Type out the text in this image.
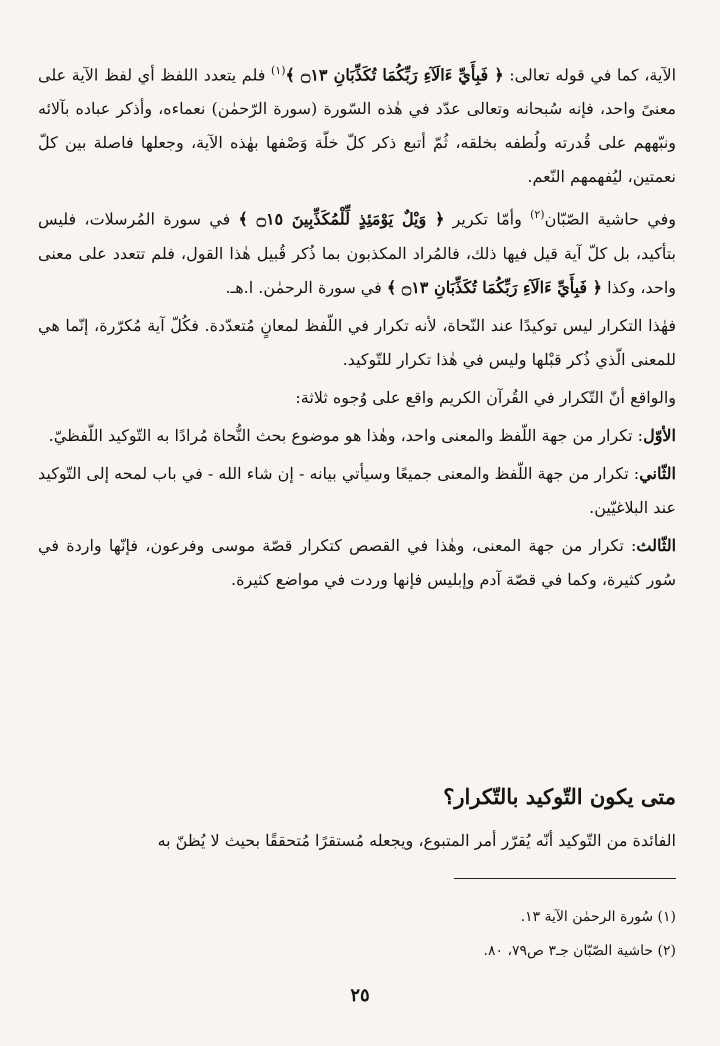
الآية، كما في قوله تعالى: ﴿ فَبِأَيِّ ءَالَآءِ رَبِّكُمَا تُكَذِّبَانِ ۝١٣ ﴾$^{(١)}$ فلم يتعدد اللفظ أي لفظ الآية على معنىً واحد، فإنه سُبحانه وتعالى عدّد في هٰذه السّورة (سورة الرّحمٰن) نعماءه، وأذكر عباده بآلائه ونبّههم على قُدرته ولُطفه بخلقه، ثُمّ أتبع ذكر كلّ خلّة وَصْفها بهٰذه الآية، وجعلها فاصلة بين كلّ نعمتين، ليُفهمهم النّعم.

وفي حاشية الصّبّان$^{(٢)}$ وأمّا تكرير ﴿ وَيْلٌ يَوْمَئِذٍ لِّلْمُكَذِّبِينَ ۝١٥ ﴾ في سورة المُرسلات، فليس بتأكيد، بل كلّ آية قيل فيها ذلك، فالمُراد المكذبون بما ذُكر قُبيل هٰذا القول، فلم تتعدد على معنى واحد، وكذا ﴿ فَبِأَيِّ ءَالَآءِ رَبِّكُمَا تُكَذِّبَانِ ۝١٣ ﴾ في سورة الرحمٰن. ا.هـ.

فهٰذا التكرار ليس توكيدًا عند النّحاة، لأنه تكرار في اللّفظ لمعانٍ مُتعدّدة. فكُلّ آية مُكرّرة، إنّما هي للمعنى الّذي ذُكر قبْلها وليس في هٰذا تكرار للتّوكيد.

والواقع أنّ التّكرار في القُرآن الكريم واقع على وُجوه ثلاثة:

الأوّل: تكرار من جهة اللّفظ والمعنى واحد، وهٰذا هو موضوع بحث النُّحاة مُرادًا به التّوكيد اللّفظيّ.

الثّاني: تكرار من جهة اللّفظ والمعنى جميعًا وسيأتي بيانه - إن شاء الله - في باب لمحه إلى التّوكيد عند البلاغيّين.

الثّالث: تكرار من جهة المعنى، وهٰذا في القصص كتكرار قصّة موسى وفرعون، فإنّها واردة في سُور كثيرة، وكما في قصّة آدم وإبليس فإنها وردت في مواضع كثيرة.

متى يكون التّوكيد بالتّكرار؟

الفائدة من التّوكيد أنّه يُقرّر أمر المتبوع، ويجعله مُستقرًا مُتحققًا بحيث لا يُظنّ به

(١) سُورة الرحمٰن الآية ١٣.

(٢) حاشية الصّبّان جـ٣ ص٧٩، ٨٠.

٢٥
